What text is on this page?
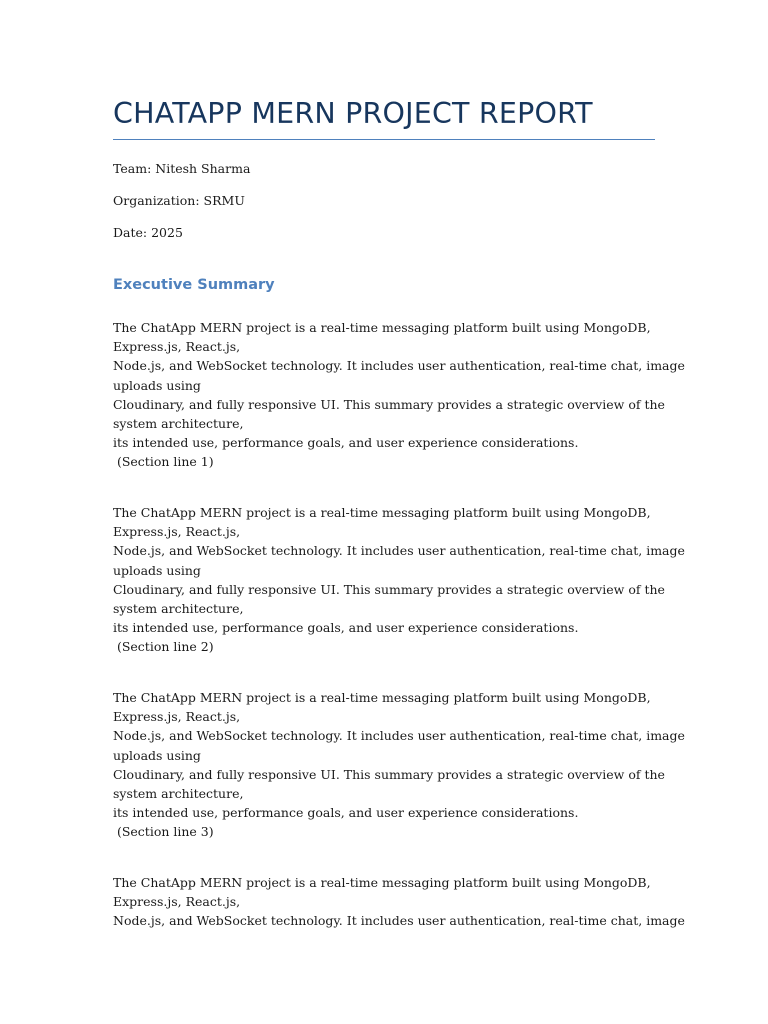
CHATAPP MERN PROJECT REPORT

Team: Nitesh Sharma

Organization: SRMU

Date: 2025

Executive Summary
The ChatApp MERN project is a real-time messaging platform built using MongoDB,
Express.js, React.js,
Node.js, and WebSocket technology. It includes user authentication, real-time chat, image
uploads using
Cloudinary, and fully responsive UI. This summary provides a strategic overview of the
system architecture,
its intended use, performance goals, and user experience considerations.
(Section line 1)
The ChatApp MERN project is a real-time messaging platform built using MongoDB,
Express.js, React.js,
Node.js, and WebSocket technology. It includes user authentication, real-time chat, image
uploads using
Cloudinary, and fully responsive UI. This summary provides a strategic overview of the
system architecture,
its intended use, performance goals, and user experience considerations.
(Section line 2)
The ChatApp MERN project is a real-time messaging platform built using MongoDB,
Express.js, React.js,
Node.js, and WebSocket technology. It includes user authentication, real-time chat, image
uploads using
Cloudinary, and fully responsive UI. This summary provides a strategic overview of the
system architecture,
its intended use, performance goals, and user experience considerations.
(Section line 3)
The ChatApp MERN project is a real-time messaging platform built using MongoDB,
Express.js, React.js,
Node.js, and WebSocket technology. It includes user authentication, real-time chat, image
